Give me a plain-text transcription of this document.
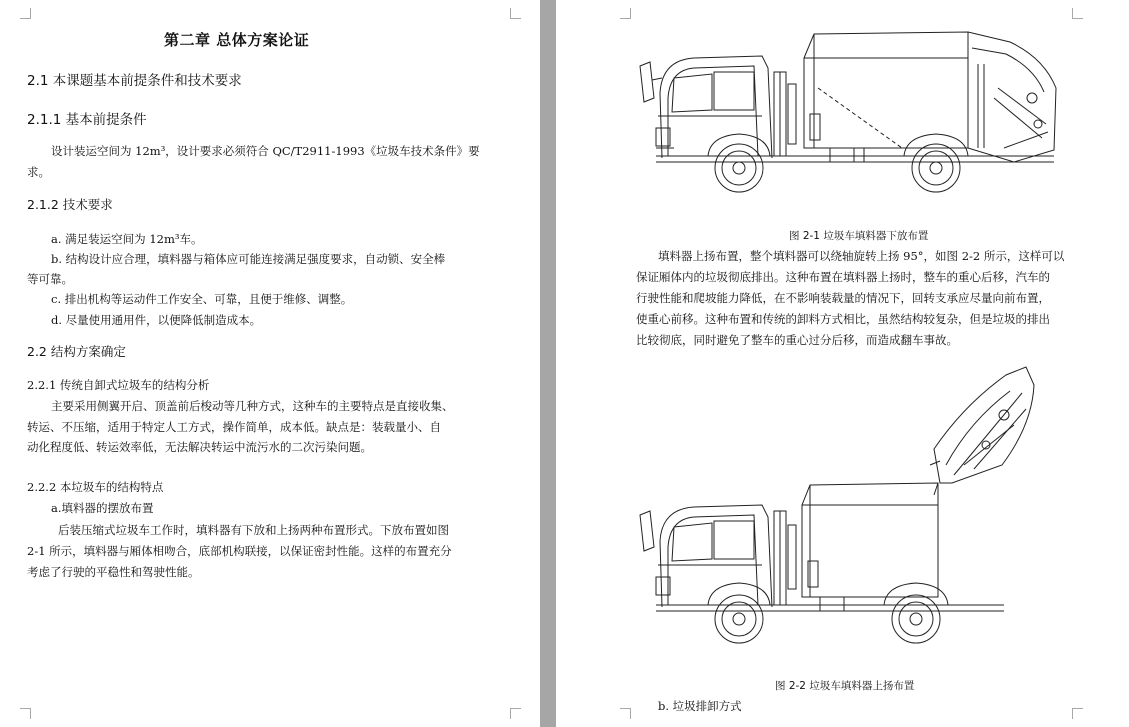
第二章 总体方案论证
2.1 本课题基本前提条件和技术要求
2.1.1 基本前提条件
设计装运空间为 12m³，设计要求必须符合 QC/T2911-1993《垃圾车技术条件》要
求。
2.1.2 技术要求
a. 满足装运空间为 12m³车。
b. 结构设计应合理，填料器与箱体应可能连接满足强度要求，自动锁、安全棒
等可靠。
c. 排出机构等运动件工作安全、可靠，且便于维修、调整。
d. 尽量使用通用件，以便降低制造成本。
2.2 结构方案确定
2.2.1 传统自卸式垃圾车的结构分析
主要采用侧翼开启、顶盖前后梭动等几种方式，这种车的主要特点是直接收集、
转运、不压缩，适用于特定人工方式，操作简单，成本低。缺点是：装载量小、自
动化程度低、转运效率低，无法解决转运中流污水的二次污染问题。
2.2.2 本垃圾车的结构特点
a.填料器的摆放布置
后装压缩式垃圾车工作时，填料器有下放和上扬两种布置形式。下放布置如图
2-1 所示，填料器与厢体相吻合，底部机构联接，以保证密封性能。这样的布置充分
考虑了行驶的平稳性和驾驶性能。
图 2-1 垃圾车填料器下放布置
填料器上扬布置，整个填料器可以绕轴旋转上扬 95°，如图 2-2 所示，这样可以
保证厢体内的垃圾彻底排出。这种布置在填料器上扬时，整车的重心后移，汽车的
行驶性能和爬坡能力降低，在不影响装载量的情况下，回转支承应尽量向前布置，
使重心前移。这种布置和传统的卸料方式相比，虽然结构较复杂，但是垃圾的排出
比较彻底，同时避免了整车的重心过分后移，而造成翻车事故。
图 2-2 垃圾车填料器上扬布置
b. 垃圾排卸方式
